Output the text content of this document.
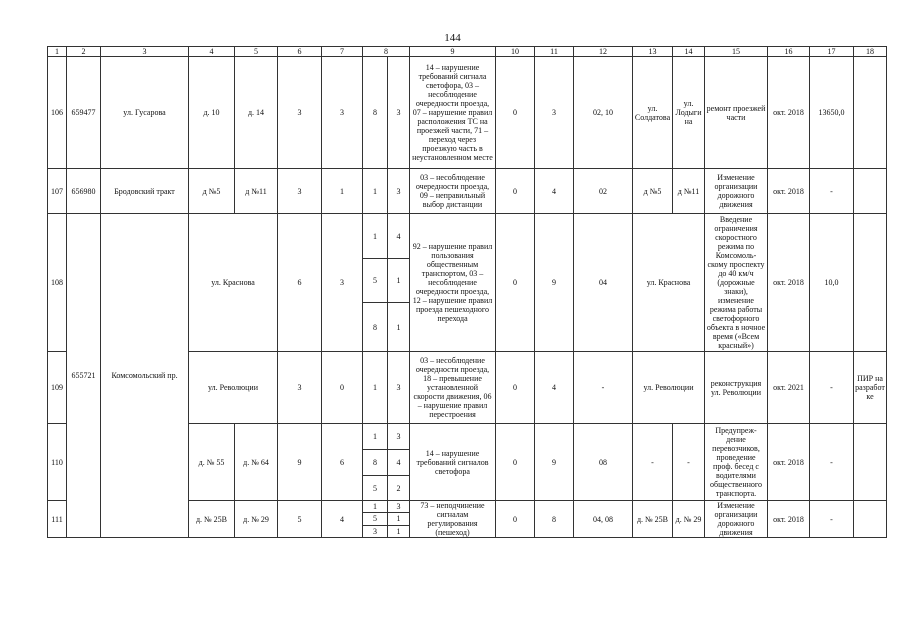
144
1	2	3	4	5	6	7	8		9	10	11	12	13	14	15	16	17	18
106	659477	ул. Гусарова	д. 10	д. 14	3	3	8	3	14 – нарушение требований сигнала светофора, 03 – несоблюдение очередности проезда, 07 – нарушение правил расположения ТС на проезжей части, 71 – переход через проезжую часть в неустановленном месте	0	3	02, 10	ул. Солдатова	ул. Лодыгина	ремонт проезжей части	окт. 2018	13650,0	
107	656980	Бродовский тракт	д №5	д №11	3	1	1	3	03 – несоблюдение очередности проезда, 09 – неправильный выбор дистанции	0	4	02	д №5	д №11	Изменение организации дорожного движения	окт. 2018	-	
108	655721	Комсомольский пр.	ул. Краснова		6	3	1	4	92 – нарушение правил пользования общественным транспортом, 03 – несоблюдение очередности проезда, 12 – нарушение правил проезда пешеходного перехода	0	9	04	ул. Краснова		Введение ограничения скоростного режима по Комсомоль-скому проспекту до 40 км/ч (дорожные знаки), изменение режима работы светофорного объекта в ночное время («Всем красный»)	окт. 2018	10,0	
							5	1										
							8	1										
109			ул. Революции		3	0	1	3	03 – несоблюдение очередности проезда, 18 – превышение установленной скорости движения, 06 – нарушение правил перестроения	0	4	-	ул. Революции		реконструкция ул. Революции	окт. 2021	-	ПИР на разработ ке
110			д. № 55	д. № 64	9	6	1	3	14 – нарушение требований сигналов светофора	0	9	08	-	-	Предупреж-дение перевозчиков, проведение проф. бесед с водителями общественного транспорта.	окт. 2018	-	
							8	4										
							5	2										
111			д. № 25В	д. № 29	5	4	1	3	73 – неподчинение сигналам регулирования (пешеход)	0	8	04, 08	д. № 25В	д. № 29	Изменение организации дорожного движения	окт. 2018	-	
							5	1										
							3	1										
